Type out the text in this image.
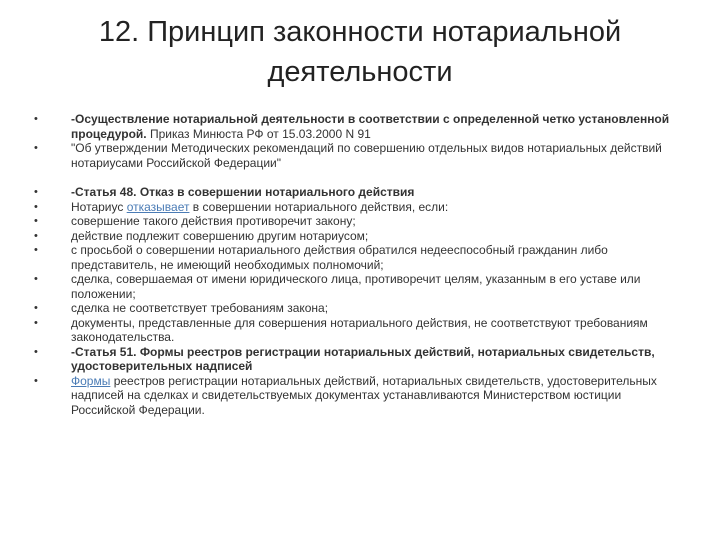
12. Принцип законности нотариальной
деятельности
•	-Осуществление нотариальной деятельности в соответствии с определенной четко установленной процедурой. Приказ Минюста РФ от 15.03.2000 N 91
•	"Об утверждении Методических рекомендаций по совершению отдельных видов нотариальных действий нотариусами Российской Федерации"
•	-Статья 48. Отказ в совершении нотариального действия
•	Нотариус отказывает в совершении нотариального действия, если:
•	совершение такого действия противоречит закону;
•	действие подлежит совершению другим нотариусом;
•	с просьбой о совершении нотариального действия обратился недееспособный гражданин либо представитель, не имеющий необходимых полномочий;
•	сделка, совершаемая от имени юридического лица, противоречит целям, указанным в его уставе или положении;
•	сделка не соответствует требованиям закона;
•	документы, представленные для совершения нотариального действия, не соответствуют требованиям законодательства.
•	-Статья 51. Формы реестров регистрации нотариальных действий, нотариальных свидетельств, удостоверительных надписей
•	Формы реестров регистрации нотариальных действий, нотариальных свидетельств, удостоверительных надписей на сделках и свидетельствуемых документах устанавливаются Министерством юстиции Российской Федерации.
